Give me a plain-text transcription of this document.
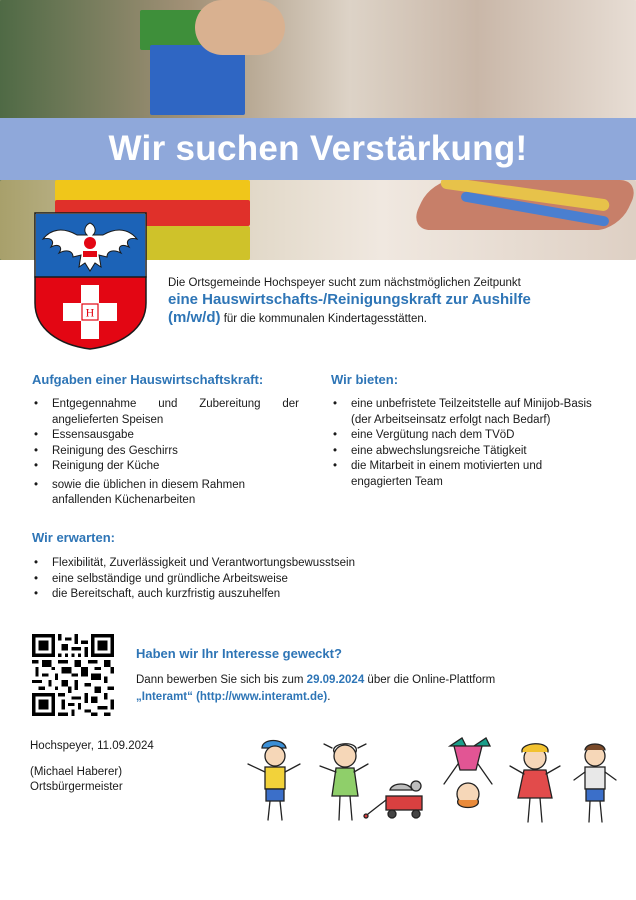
Wir suchen Verstärkung!
H
Die Ortsgemeinde Hochspeyer sucht zum nächstmöglichen Zeitpunkt
eine Hauswirtschafts-/Reinigungskraft zur Aushilfe
(m/w/d) für die kommunalen Kindertagesstätten.
Aufgaben einer Hauswirtschaftskraft:
• Entgegennahme und Zubereitung der angelieferten Speisen
• Essensausgabe
• Reinigung des Geschirrs
• Reinigung der Küche
• sowie die üblichen in diesem Rahmen anfallenden Küchenarbeiten
Wir bieten:
• eine unbefristete Teilzeitstelle auf Minijob-Basis (der Arbeitseinsatz erfolgt nach Bedarf)
• eine Vergütung nach dem TVöD
• eine abwechslungsreiche Tätigkeit
• die Mitarbeit in einem motivierten und engagierten Team
Wir erwarten:
• Flexibilität, Zuverlässigkeit und Verantwortungsbewusstsein
• eine selbständige und gründliche Arbeitsweise
• die Bereitschaft, auch kurzfristig auszuhelfen
Haben wir Ihr Interesse geweckt?
Dann bewerben Sie sich bis zum 29.09.2024 über die Online-Plattform
„Interamt“ (http://www.interamt.de).
Hochspeyer, 11.09.2024
(Michael Haberer)
Ortsbürgermeister
